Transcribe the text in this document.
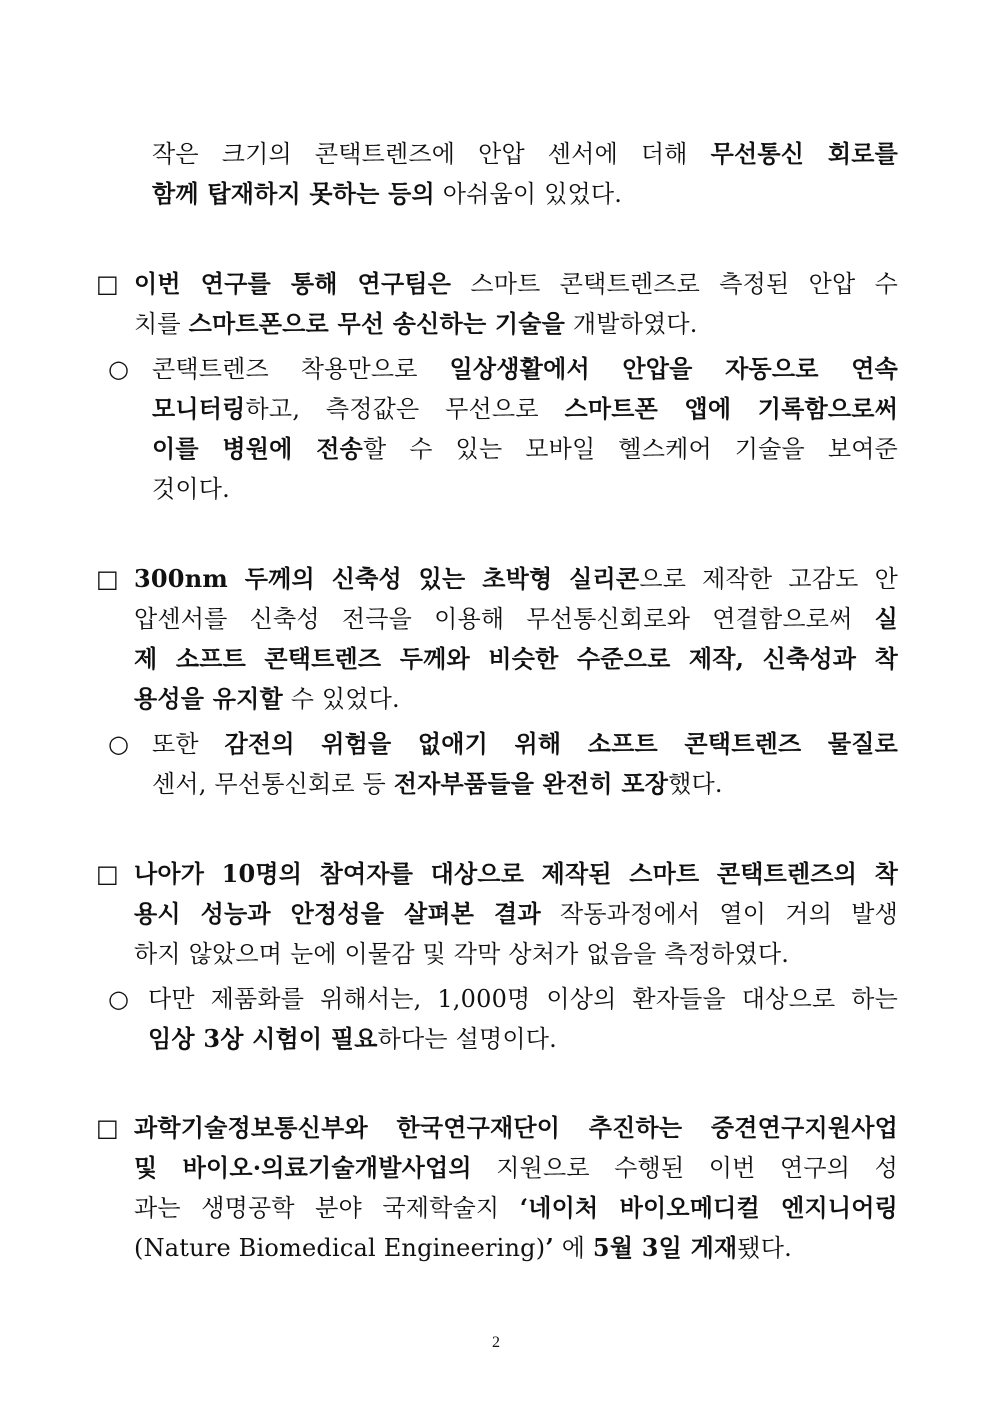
□
○
□
○
□
○
□
작은 크기의 콘택트렌즈에 안압 센서에 더해 무선통신 회로를
함께 탑재하지 못하는 등의 아쉬움이 있었다.
이번 연구를 통해 연구팀은 스마트 콘택트렌즈로 측정된 안압 수
치를 스마트폰으로 무선 송신하는 기술을 개발하였다.
콘택트렌즈 착용만으로 일상생활에서 안압을 자동으로 연속
모니터링하고, 측정값은 무선으로 스마트폰 앱에 기록함으로써
이를 병원에 전송할 수 있는 모바일 헬스케어 기술을 보여준
것이다.
300nm 두께의 신축성 있는 초박형 실리콘으로 제작한 고감도 안
압센서를 신축성 전극을 이용해 무선통신회로와 연결함으로써 실
제 소프트 콘택트렌즈 두께와 비슷한 수준으로 제작, 신축성과 착
용성을 유지할 수 있었다.
또한 감전의 위험을 없애기 위해 소프트 콘택트렌즈 물질로
센서, 무선통신회로 등 전자부품들을 완전히 포장했다.
나아가 10명의 참여자를 대상으로 제작된 스마트 콘택트렌즈의 착
용시 성능과 안정성을 살펴본 결과 작동과정에서 열이 거의 발생
하지 않았으며 눈에 이물감 및 각막 상처가 없음을 측정하였다.
다만 제품화를 위해서는, 1,000명 이상의 환자들을 대상으로 하는
임상 3상 시험이 필요하다는 설명이다.
과학기술정보통신부와 한국연구재단이 추진하는 중견연구지원사업
및 바이오·의료기술개발사업의 지원으로 수행된 이번 연구의 성
과는 생명공학 분야 국제학술지 ‘네이처 바이오메디컬 엔지니어링
(Nature Biomedical Engineering)’ 에 5월 3일 게재됐다.
2
